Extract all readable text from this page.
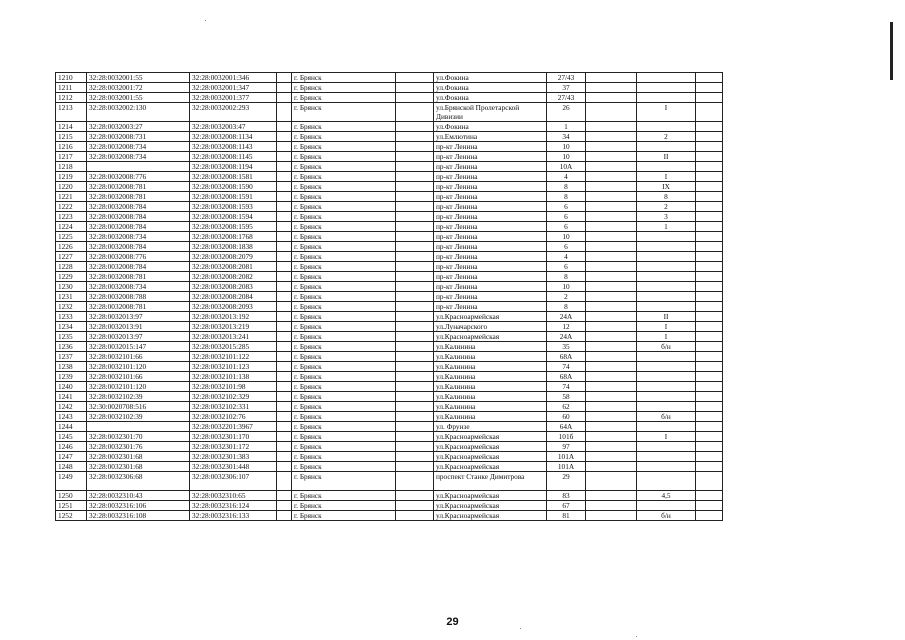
1210	32:28:0032001:55	32:28:0032001:346		г. Брянск		ул.Фокина	27/43			
1211	32:28:0032001:72	32:28:0032001:347		г. Брянск		ул.Фокина	37			
1212	32:28:0032001:55	32:28:0032001:377		г. Брянск		ул.Фокина	27/43			
1213	32:28:0032002:130	32:28:0032002:293		г. Брянск		ул.Брянской Пролетарской Дивизии	26		I	
1214	32:28:0032003:27	32:28:0032003:47		г. Брянск		ул.Фокина	1			
1215	32:28:0032008:731	32:28:0032008:1134		г. Брянск		ул.Емлютина	34		2	
1216	32:28:0032008:734	32:28:0032008:1143		г. Брянск		пр-кт Ленина	10			
1217	32:28:0032008:734	32:28:0032008:1145		г. Брянск		пр-кт Ленина	10		II	
1218		32:28:0032008:1194		г. Брянск		пр-кт Ленина	10А			
1219	32:28:0032008:776	32:28:0032008:1581		г. Брянск		пр-кт Ленина	4		I	
1220	32:28:0032008:781	32:28:0032008:1590		г. Брянск		пр-кт Ленина	8		IX	
1221	32:28:0032008:781	32:28:0032008:1591		г. Брянск		пр-кт Ленина	8		8	
1222	32:28:0032008:784	32:28:0032008:1593		г. Брянск		пр-кт Ленина	6		2	
1223	32:28:0032008:784	32:28:0032008:1594		г. Брянск		пр-кт Ленина	6		3	
1224	32:28:0032008:784	32:28:0032008:1595		г. Брянск		пр-кт Ленина	6		1	
1225	32:28:0032008:734	32:28:0032008:1768		г. Брянск		пр-кт Ленина	10			
1226	32:28:0032008:784	32:28:0032008:1838		г. Брянск		пр-кт Ленина	6			
1227	32:28:0032008:776	32:28:0032008:2079		г. Брянск		пр-кт Ленина	4			
1228	32:28:0032008:784	32:28:0032008:2081		г. Брянск		пр-кт Ленина	6			
1229	32:28:0032008:781	32:28:0032008:2082		г. Брянск		пр-кт Ленина	8			
1230	32:28:0032008:734	32:28:0032008:2083		г. Брянск		пр-кт Ленина	10			
1231	32:28:0032008:788	32:28:0032008:2084		г. Брянск		пр-кт Ленина	2			
1232	32:28:0032008:781	32:28:0032008:2093		г. Брянск		пр-кт Ленина	8			
1233	32:28:0032013:97	32:28:0032013:192		г. Брянск		ул.Красноармейская	24А		II	
1234	32:28:0032013:91	32:28:0032013:219		г. Брянск		ул.Луначарского	12		I	
1235	32:28:0032013:97	32:28:0032013:241		г. Брянск		ул.Красноармейская	24А		I	
1236	32:28:0032015:147	32:28:0032015:285		г. Брянск		ул.Калинина	35		б/н	
1237	32:28:0032101:66	32:28:0032101:122		г. Брянск		ул.Калинина	68А			
1238	32:28:0032101:120	32:28:0032101:123		г. Брянск		ул.Калинина	74			
1239	32:28:0032101:66	32:28:0032101:138		г. Брянск		ул.Калинина	68А			
1240	32:28:0032101:120	32:28:0032101:98		г. Брянск		ул.Калинина	74			
1241	32:28:0032102:39	32:28:0032102:329		г. Брянск		ул.Калинина	58			
1242	32:30:0020708:516	32:28:0032102:331		г. Брянск		ул.Калинина	62			
1243	32:28:0032102:39	32:28:0032102:76		г. Брянск		ул.Калинина	60		б/н	
1244		32:28:0032201:3967		г. Брянск		ул. Фрунзе	64А			
1245	32:28:0032301:70	32:28:0032301:170		г. Брянск		ул.Красноармейская	101б		I	
1246	32:28:0032301:76	32:28:0032301:172		г. Брянск		ул.Красноармейская	97			
1247	32:28:0032301:68	32:28:0032301:383		г. Брянск		ул.Красноармейская	101А			
1248	32:28:0032301:68	32:28:0032301:448		г. Брянск		ул.Красноармейская	101А			
1249	32:28:0032306:68	32:28:0032306:107		г. Брянск		проспект Станке Димитрова	29			
1250	32:28:0032310:43	32:28:0032310:65		г. Брянск		ул.Красноармейская	83		4,5	
1251	32:28:0032316:106	32:28:0032316:124		г. Брянск		ул.Красноармейская	67			
1252	32:28:0032316:108	32:28:0032316:133		г. Брянск		ул.Красноармейская	81		б/н	
29
